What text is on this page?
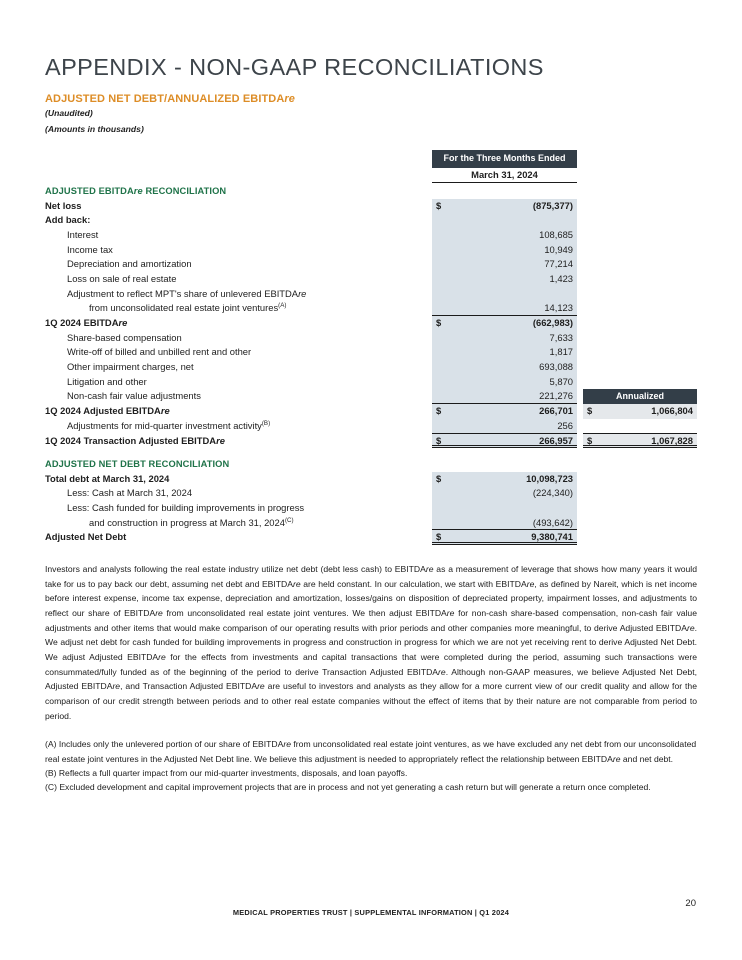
APPENDIX - NON-GAAP RECONCILIATIONS
ADJUSTED NET DEBT/ANNUALIZED EBITDAre
(Unaudited)
(Amounts in thousands)
For the Three Months Ended
March 31, 2024
ADJUSTED EBITDAre RECONCILIATION
Net loss	$	(875,377)
Add back:
Interest	108,685
Income tax	10,949
Depreciation and amortization	77,214
Loss on sale of real estate	1,423
Adjustment to reflect MPT's share of unlevered EBITDAre
from unconsolidated real estate joint ventures$^{(A)}$	14,123
1Q 2024 EBITDAre	$	(662,983)
Share-based compensation	7,633
Write-off of billed and unbilled rent and other	1,817
Other impairment charges, net	693,088
Litigation and other	5,870
Non-cash fair value adjustments	221,276	Annualized
1Q 2024 Adjusted EBITDAre	$	266,701	$	1,066,804
Adjustments for mid-quarter investment activity$^{(B)}$	256
1Q 2024 Transaction Adjusted EBITDAre	$	266,957	$	1,067,828
ADJUSTED NET DEBT RECONCILIATION
Total debt at March 31, 2024	$	10,098,723
Less: Cash at March 31, 2024	(224,340)
Less: Cash funded for building improvements in progress
and construction in progress at March 31, $2024^{(C)}$	(493,642)
Adjusted Net Debt	$	9,380,741
Investors and analysts following the real estate industry utilize net debt (debt less cash) to EBITDAre as a measurement of leverage that shows how many years it would take for us to pay back our debt, assuming net debt and EBITDAre are held constant. In our calculation, we start with EBITDAre, as defined by Nareit, which is net income before interest expense, income tax expense, depreciation and amortization, losses/gains on disposition of depreciated property, impairment losses, and adjustments to reflect our share of EBITDAre from unconsolidated real estate joint ventures. We then adjust EBITDAre for non-cash share-based compensation, non-cash fair value adjustments and other items that would make comparison of our operating results with prior periods and other companies more meaningful, to derive Adjusted EBITDAre. We adjust net debt for cash funded for building improvements in progress and construction in progress for which we are not yet receiving rent to derive Adjusted Net Debt. We adjust Adjusted EBITDAre for the effects from investments and capital transactions that were completed during the period, assuming such transactions were consummated/fully funded as of the beginning of the period to derive Transaction Adjusted EBITDAre. Although non-GAAP measures, we believe Adjusted Net Debt, Adjusted EBITDAre, and Transaction Adjusted EBITDAre are useful to investors and analysts as they allow for a more current view of our credit quality and allow for the comparison of our credit strength between periods and to other real estate companies without the effect of items that by their nature are not comparable from period to period.
(A) Includes only the unlevered portion of our share of EBITDAre from unconsolidated real estate joint ventures, as we have excluded any net debt from our unconsolidated real estate joint ventures in the Adjusted Net Debt line. We believe this adjustment is needed to appropriately reflect the relationship between EBITDAre and net debt.
(B) Reflects a full quarter impact from our mid-quarter investments, disposals, and loan payoffs.
(C) Excluded development and capital improvement projects that are in process and not yet generating a cash return but will generate a return once completed.
MEDICAL PROPERTIES TRUST | SUPPLEMENTAL INFORMATION | Q1 2024
20
